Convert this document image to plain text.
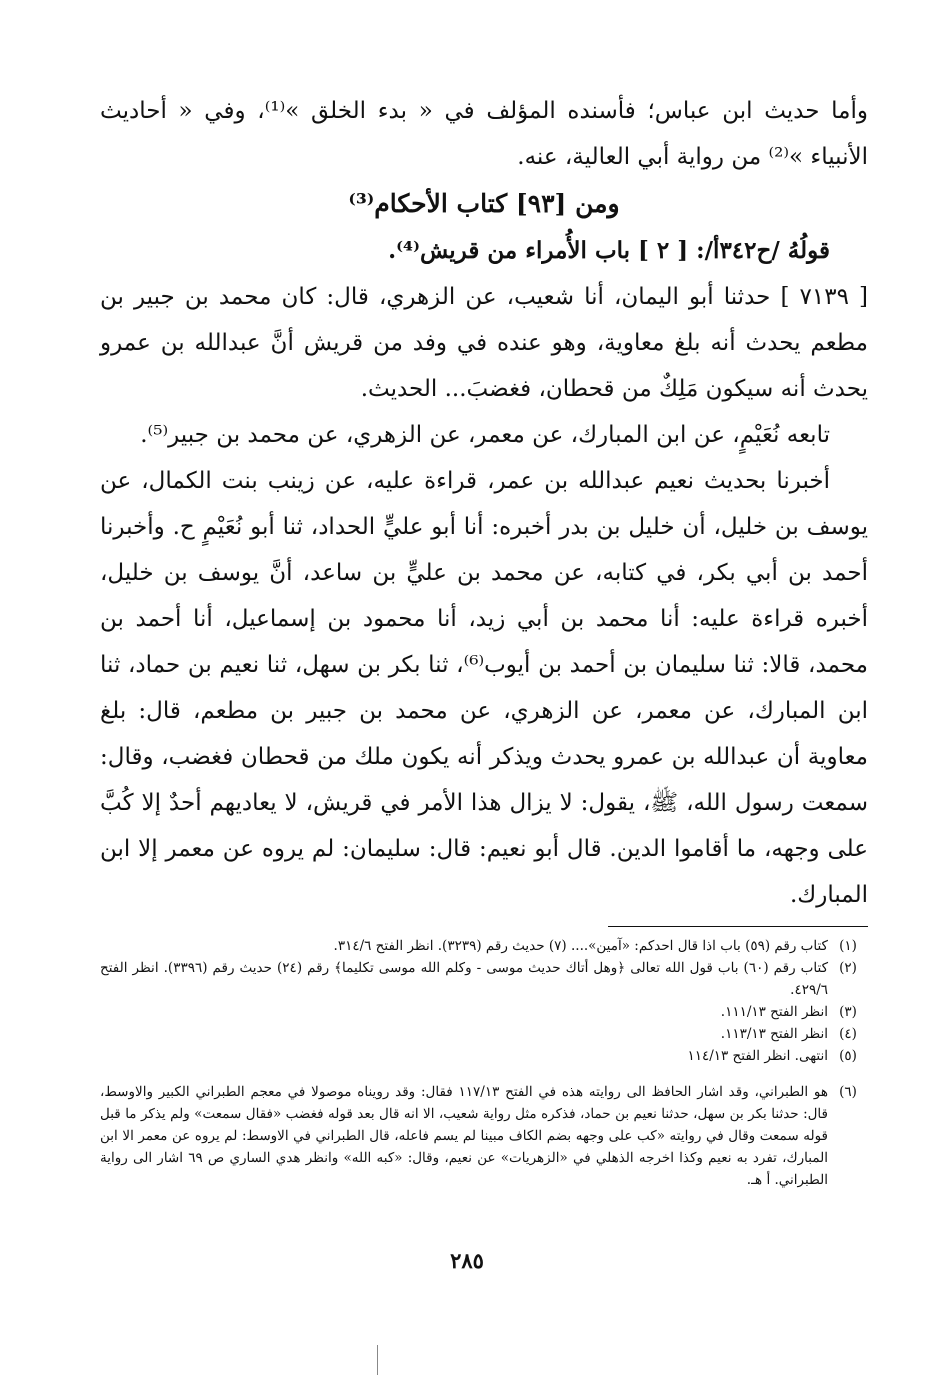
وأما حديث ابن عباس؛ فأسنده المؤلف في « بدء الخلق »⁽¹⁾، وفي « أحاديث الأنبياء »⁽²⁾ من رواية أبي العالية، عنه.

ومن [٩٣] كتاب الأحكام⁽³⁾

قولُهُ /ح٣٤٢أ/: [ ٢ ] باب الأُمراء من قريش⁽⁴⁾.

[ ٧١٣٩ ] حدثنا أبو اليمان، أنا شعيب، عن الزهري، قال: كان محمد بن جبير بن مطعم يحدث أنه بلغ معاوية، وهو عنده في وفد من قريش أنَّ عبدالله بن عمرو يحدث أنه سيكون مَلِكٌ من قحطان، فغضبَ... الحديث.

تابعه نُعَيْمٍ، عن ابن المبارك، عن معمر، عن الزهري، عن محمد بن جبير⁽⁵⁾.

أخبرنا بحديث نعيم عبدالله بن عمر، قراءة عليه، عن زينب بنت الكمال، عن يوسف بن خليل، أن خليل بن بدر أخبره: أنا أبو عليٍّ الحداد، ثنا أبو نُعَيْمٍ ح. وأخبرنا أحمد بن أبي بكر، في كتابه، عن محمد بن عليٍّ بن ساعد، أنَّ يوسف بن خليل، أخبره قراءة عليه: أنا محمد بن أبي زيد، أنا محمود بن إسماعيل، أنا أحمد بن محمد، قالا: ثنا سليمان بن أحمد بن أيوب⁽⁶⁾، ثنا بكر بن سهل، ثنا نعيم بن حماد، ثنا ابن المبارك، عن معمر، عن الزهري، عن محمد بن جبير بن مطعم، قال: بلغ معاوية أن عبدالله بن عمرو يحدث ويذكر أنه يكون ملك من قحطان فغضب، وقال: سمعت رسول الله، ﷺ، يقول: لا يزال هذا الأمر في قريش، لا يعاديهم أحدٌ إلا كُبَّ على وجهه، ما أقاموا الدين. قال أبو نعيم: قال: سليمان: لم يروه عن معمر إلا ابن المبارك.

(١)
كتاب رقم (٥٩) باب اذا قال احدكم: «آمين».... (٧) حديث رقم (٣٢٣٩). انظر الفتح ٣١٤/٦.
(٢)
كتاب رقم (٦٠) باب قول الله تعالى ﴿وهل أتاك حديث موسى - وكلم الله موسى تكليما﴾ رقم (٢٤) حديث رقم (٣٣٩٦). انظر الفتح ٤٢٩/٦.
(٣)
انظر الفتح ١١١/١٣.
(٤)
انظر الفتح ١١٣/١٣.
(٥)
انتهى. انظر الفتح ١١٤/١٣
(٦)
هو الطبراني، وقد اشار الحافظ الى روايته هذه في الفتح ١١٧/١٣ فقال: وقد رويناه موصولا في معجم الطبراني الكبير والاوسط، قال: حدثنا بكر بن سهل، حدثنا نعيم بن حماد، فذكره مثل رواية شعيب، الا انه قال بعد قوله فغضب «فقال سمعت» ولم يذكر ما قبل قوله سمعت وقال في روايته «كب على وجهه بضم الكاف مبينا لم يسم فاعله، قال الطبراني في الاوسط: لم يروه عن معمر الا ابن المبارك، تفرد به نعيم وكذا اخرجه الذهلي في «الزهريات» عن نعيم، وقال: «كبه الله» وانظر هدي الساري ص ٦٩ اشار الى رواية الطبراني. أ هـ.
٢٨٥
